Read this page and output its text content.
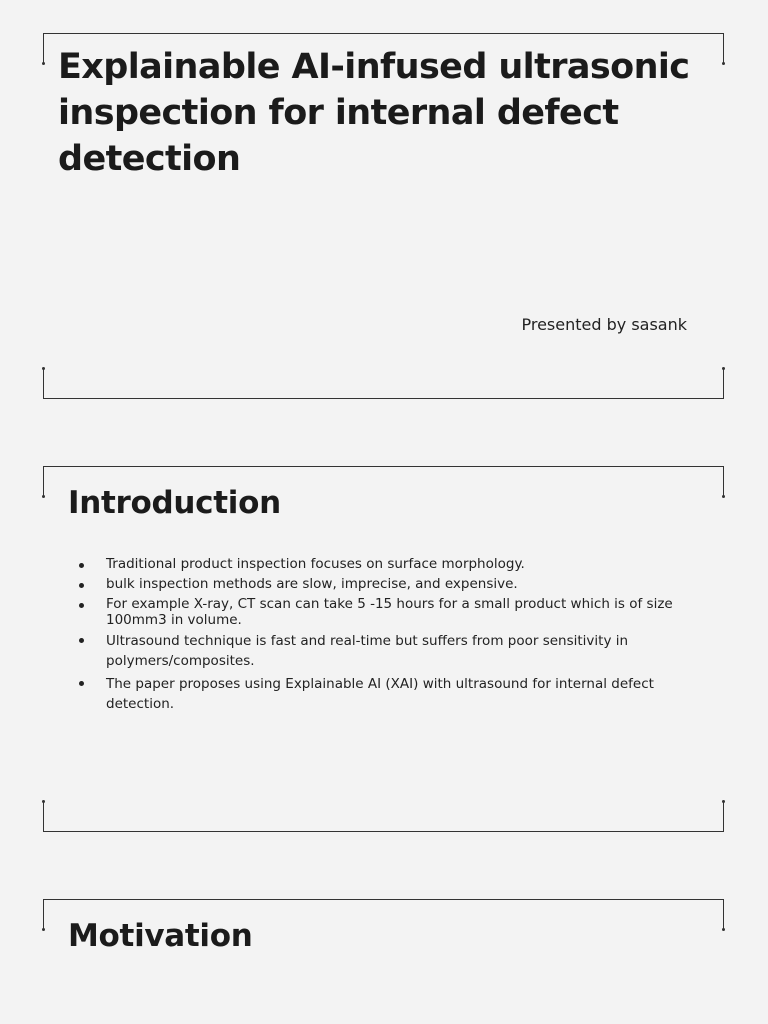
Explainable AI-infused ultrasonic inspection for internal defect detection
Presented by sasank
Introduction
Traditional product inspection focuses on surface morphology.
bulk inspection methods are slow, imprecise, and expensive.
For example X-ray, CT scan can take 5 -15 hours for a small product which is of size 100mm3 in volume.
Ultrasound technique is fast and real-time but suffers from poor sensitivity in polymers/composites.
The paper proposes using Explainable AI (XAI) with ultrasound for internal defect detection.
Motivation
